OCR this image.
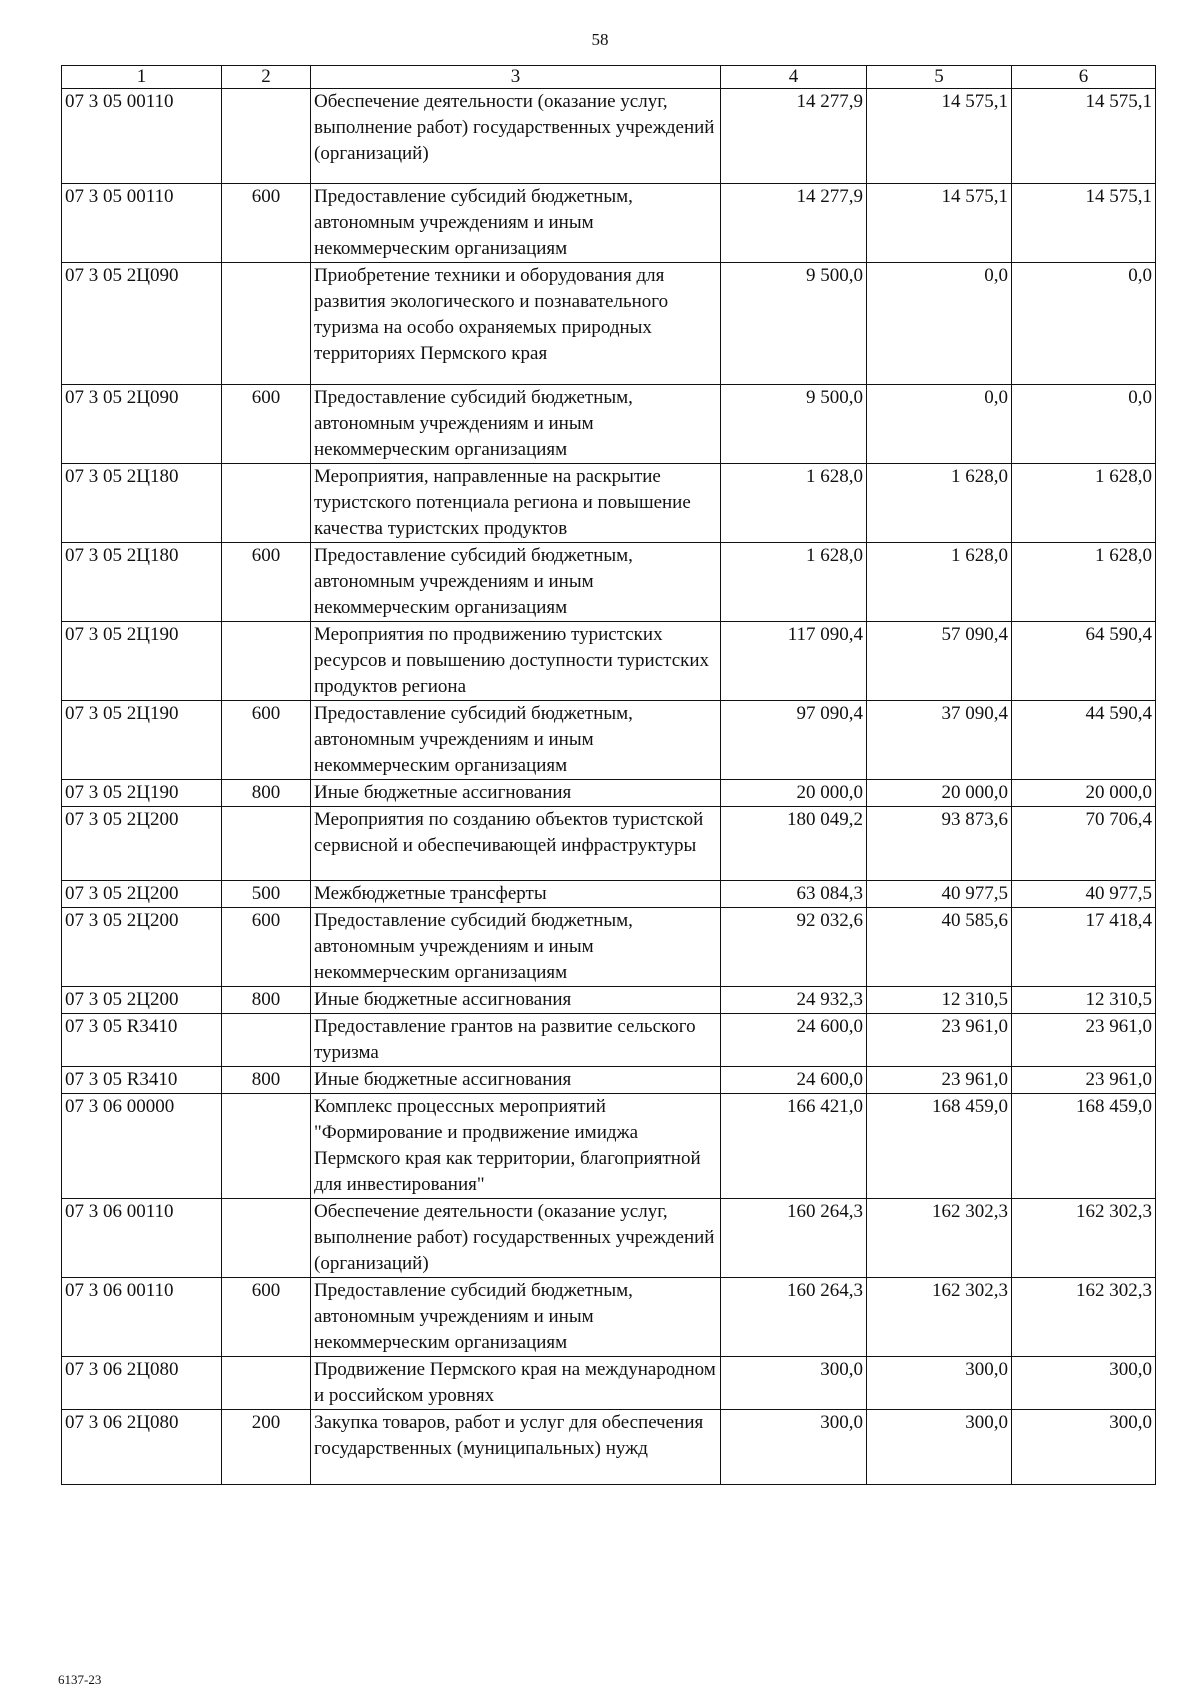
58
1	2	3	4	5	6
07 3 05 00110		Обеспечение деятельности (оказание услуг, выполнение работ) государственных учреждений (организаций)	14 277,9	14 575,1	14 575,1
07 3 05 00110	600	Предоставление субсидий бюджетным, автономным учреждениям и иным некоммерческим организациям	14 277,9	14 575,1	14 575,1
07 3 05 2Ц090		Приобретение техники и оборудования для развития экологического и познавательного туризма на особо охраняемых природных территориях Пермского края	9 500,0	0,0	0,0
07 3 05 2Ц090	600	Предоставление субсидий бюджетным, автономным учреждениям и иным некоммерческим организациям	9 500,0	0,0	0,0
07 3 05 2Ц180		Мероприятия, направленные на раскрытие туристского потенциала региона и повышение качества туристских продуктов	1 628,0	1 628,0	1 628,0
07 3 05 2Ц180	600	Предоставление субсидий бюджетным, автономным учреждениям и иным некоммерческим организациям	1 628,0	1 628,0	1 628,0
07 3 05 2Ц190		Мероприятия по продвижению туристских ресурсов и повышению доступности туристских продуктов региона	117 090,4	57 090,4	64 590,4
07 3 05 2Ц190	600	Предоставление субсидий бюджетным, автономным учреждениям и иным некоммерческим организациям	97 090,4	37 090,4	44 590,4
07 3 05 2Ц190	800	Иные бюджетные ассигнования	20 000,0	20 000,0	20 000,0
07 3 05 2Ц200		Мероприятия по созданию объектов туристской сервисной и обеспечивающей инфраструктуры	180 049,2	93 873,6	70 706,4
07 3 05 2Ц200	500	Межбюджетные трансферты	63 084,3	40 977,5	40 977,5
07 3 05 2Ц200	600	Предоставление субсидий бюджетным, автономным учреждениям и иным некоммерческим организациям	92 032,6	40 585,6	17 418,4
07 3 05 2Ц200	800	Иные бюджетные ассигнования	24 932,3	12 310,5	12 310,5
07 3 05 R3410		Предоставление грантов на развитие сельского туризма	24 600,0	23 961,0	23 961,0
07 3 05 R3410	800	Иные бюджетные ассигнования	24 600,0	23 961,0	23 961,0
07 3 06 00000		Комплекс процессных мероприятий "Формирование и продвижение имиджа Пермского края как территории, благоприятной для инвестирования"	166 421,0	168 459,0	168 459,0
07 3 06 00110		Обеспечение деятельности (оказание услуг, выполнение работ) государственных учреждений (организаций)	160 264,3	162 302,3	162 302,3
07 3 06 00110	600	Предоставление субсидий бюджетным, автономным учреждениям и иным некоммерческим организациям	160 264,3	162 302,3	162 302,3
07 3 06 2Ц080		Продвижение Пермского края на международном и российском уровнях	300,0	300,0	300,0
07 3 06 2Ц080	200	Закупка товаров, работ и услуг для обеспечения государственных (муниципальных) нужд	300,0	300,0	300,0
6137-23
